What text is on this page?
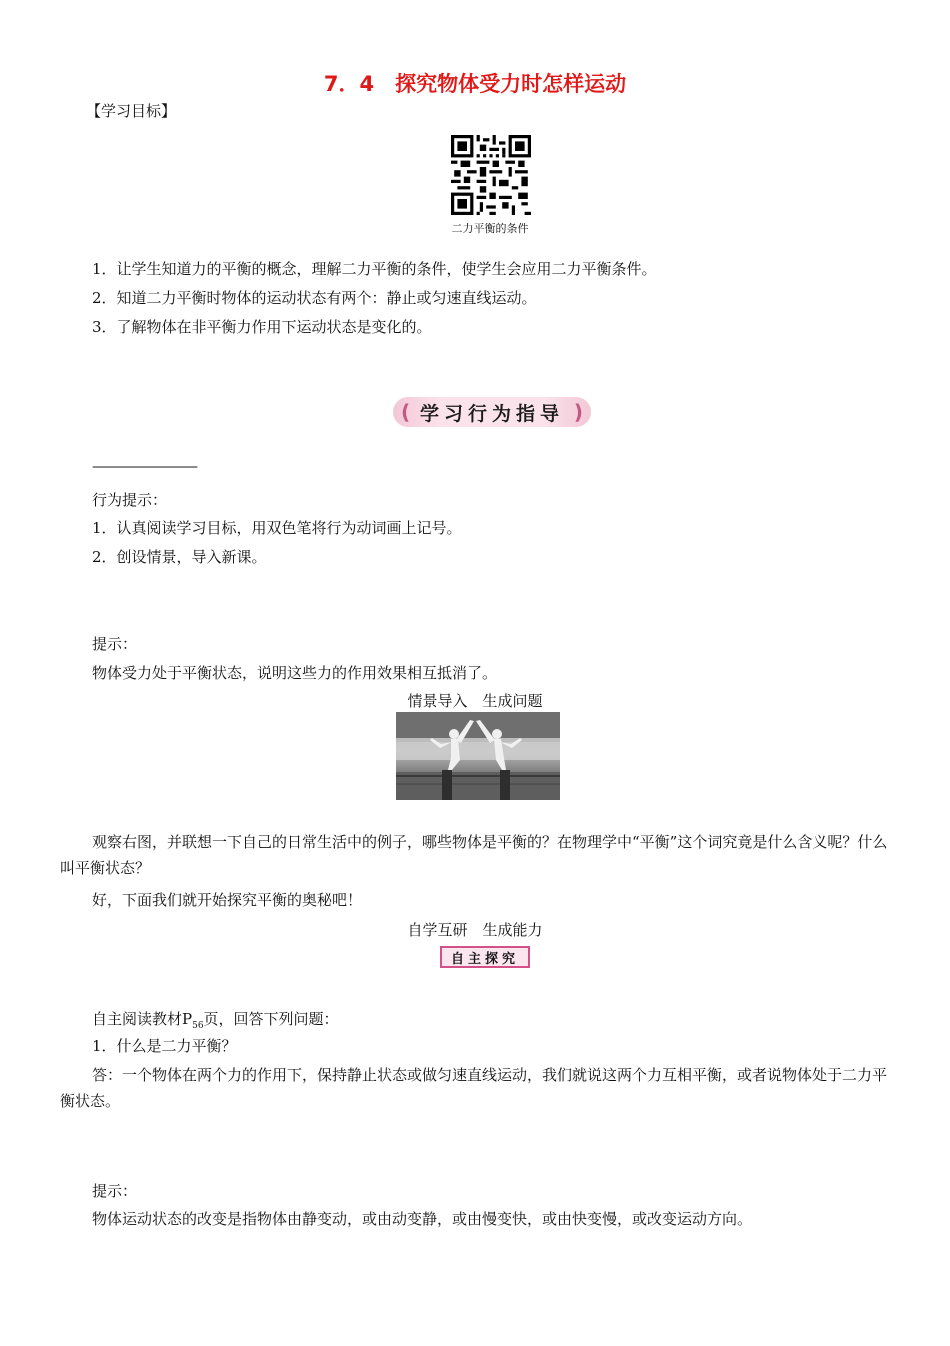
7．4　探究物体受力时怎样运动
【学习目标】
二力平衡的条件
1．让学生知道力的平衡的概念，理解二力平衡的条件，使学生会应用二力平衡条件。
2．知道二力平衡时物体的运动状态有两个：静止或匀速直线运动。
3．了解物体在非平衡力作用下运动状态是变化的。
( 学习行为指导 )
————————
行为提示：
1．认真阅读学习目标，用双色笔将行为动词画上记号。
2．创设情景，导入新课。
提示：
物体受力处于平衡状态，说明这些力的作用效果相互抵消了。
情景导入　生成问题
观察右图，并联想一下自己的日常生活中的例子，哪些物体是平衡的？在物理学中“平衡”这个词究竟是什么含义呢？什么叫平衡状态？
好，下面我们就开始探究平衡的奥秘吧！
自学互研　生成能力
自主探究
自主阅读教材$P_{56}$页，回答下列问题：
1．什么是二力平衡？
答：一个物体在两个力的作用下，保持静止状态或做匀速直线运动，我们就说这两个力互相平衡，或者说物体处于二力平衡状态。
提示：
物体运动状态的改变是指物体由静变动，或由动变静，或由慢变快，或由快变慢，或改变运动方向。
